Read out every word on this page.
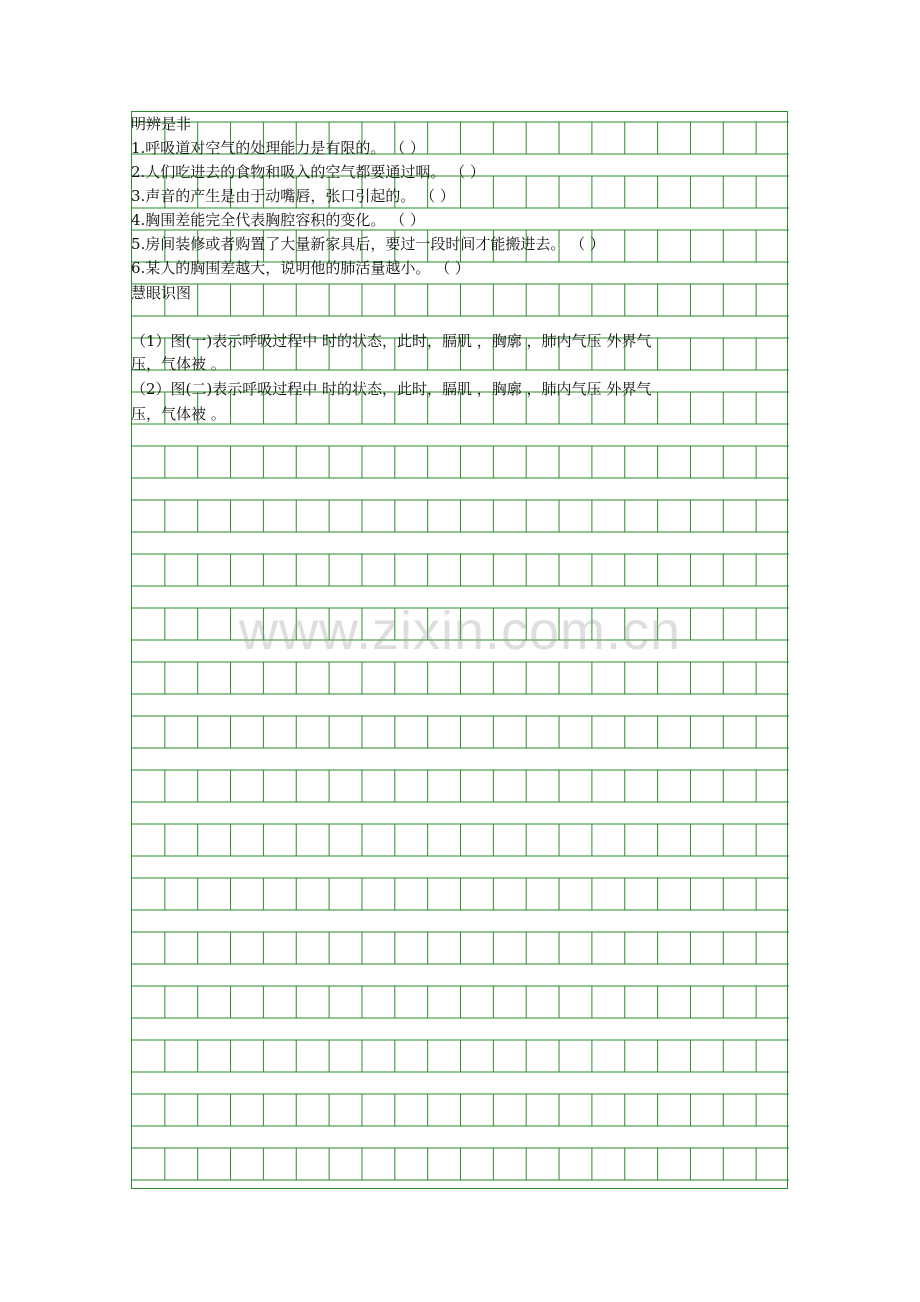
明辨是非
1.呼吸道对空气的处理能力是有限的。 （ ）
2.人们吃进去的食物和吸入的空气都要通过咽。 （ ）
3.声音的产生是由于动嘴唇，张口引起的。 （ ）
4.胸围差能完全代表胸腔容积的变化。 （ ）
5.房间装修或者购置了大量新家具后，要过一段时间才能搬进去。 （ ）
6.某人的胸围差越大，说明他的肺活量越小。 （ ）
慧眼识图
（1）图(一)表示呼吸过程中 时的状态，此时，膈肌 ，胸廓 ，肺内气压 外界气
压，气体被 。
（2）图(二)表示呼吸过程中 时的状态，此时，膈肌 ，胸廓 ，肺内气压 外界气
压，气体被 。
www.zixin.com.cn
